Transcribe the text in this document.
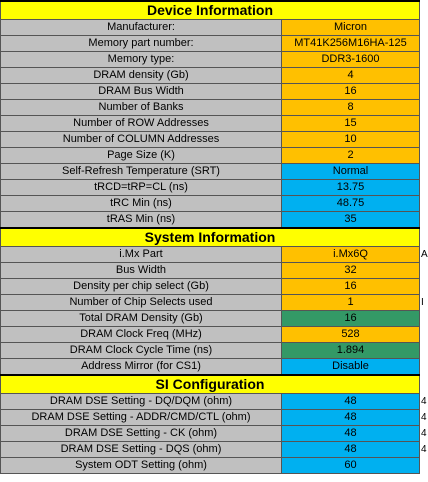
Device Information	
Manufacturer:	Micron
Memory part number:	MT41K256M16HA-125
Memory type:	DDR3-1600
DRAM density (Gb)	4
DRAM Bus Width	16
Number of Banks	8
Number of ROW Addresses	15
Number of COLUMN Addresses	10
Page Size (K)	2
Self-Refresh Temperature (SRT)	Normal
tRCD=tRP=CL (ns)	13.75
tRC Min (ns)	48.75
tRAS Min (ns)	35
System Information	
i.Mx Part	i.Mx6Q
Bus Width	32
Density per chip select (Gb)	16
Number of Chip Selects used	1
Total DRAM Density (Gb)	16
DRAM Clock Freq (MHz)	528
DRAM Clock Cycle Time (ns)	1.894
Address Mirror (for CS1)	Disable
SI Configuration	
DRAM DSE Setting - DQ/DQM (ohm)	48
DRAM DSE Setting - ADDR/CMD/CTL (ohm)	48
DRAM DSE Setting - CK (ohm)	48
DRAM DSE Setting - DQS (ohm)	48
System ODT Setting (ohm)	60
A
I
4
4
4
4
